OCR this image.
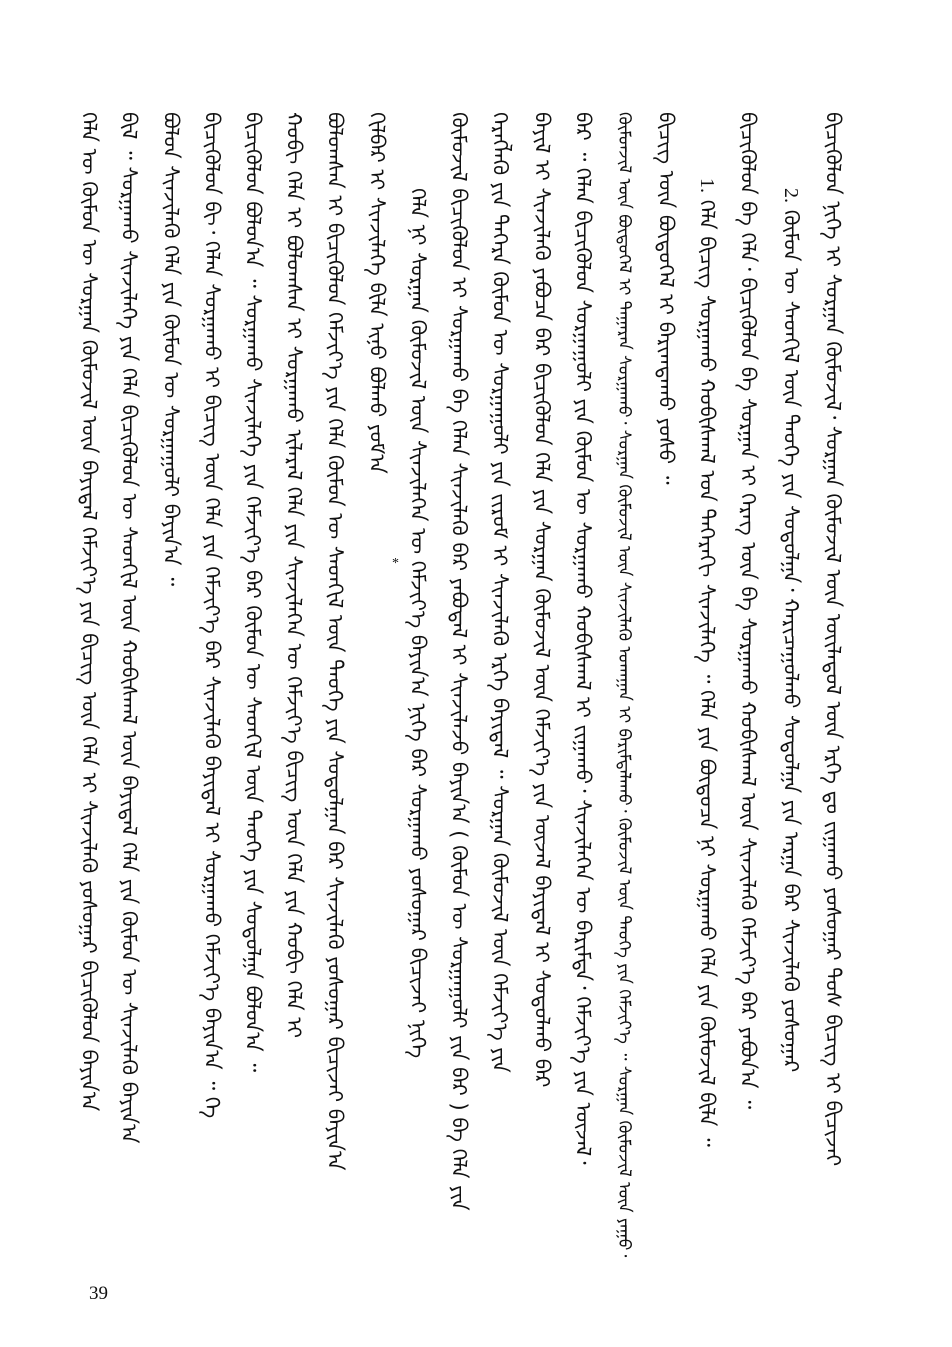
ᠪᠢᠴᠢᠭᠦᠯᠦᠨ ᠨᠢᠭᠡ ᠢ ᠰᠤᠷᠭᠠᠨ ᠬᠦᠮᠦᠵᠢᠯ᠂ ᠰᠤᠷᠭᠠᠨ ᠬᠦᠮᠦᠵᠢᠯ ᠦᠨ ᠦᠢᠯᠡᠳᠦᠯ ᠦᠨ ᠡᠷᠬᠡ ᠳᠤ ᠵᠢᠭᠠᠬᠤ ᠶᠤᠰᠤᠭᠠᠷ ᠲᠤᠰ ᠪᠢᠴᠢᠭ ᠢ ᠪᠢᠴᠢᠵᠡᠢ
2. ᠬᠦᠮᠦᠨ ᠦ ᠰᠡᠳᠬᠢᠯ ᠦᠨ ᠲᠡᠦᠬᠡ ᠶᠢᠨ ᠰᠤᠳᠤᠯᠭᠠ᠂ ᠬᠠᠷᠢᠴᠠᠭᠤᠯᠬᠤ ᠰᠤᠳᠤᠯᠭᠠ ᠶᠢᠨ ᠠᠷᠭᠠ ᠪᠠᠷ ᠰᠢᠨᠵᠢᠯᠡᠬᠦ ᠶᠤᠰᠤᠭᠠᠷ
ᠪᠢᠴᠢᠭᠦᠯᠦᠨ ᠪᠠ ᠬᠡᠯᠡ᠂ ᠪᠢᠴᠢᠭᠦᠯᠦᠨ ᠪᠠ ᠰᠤᠷᠭᠠᠨ ᠢ ᠬᠡᠷᠡᠭ ᠦᠨ ᠪᠠ ᠰᠤᠷᠭᠠᠬᠤ ᠬᠤᠪᠢᠰᠬᠠᠯ ᠦᠨ ᠰᠢᠨᠵᠢᠯᠡᠬᠦ ᠬᠡᠮᠵᠢᠶ᠎ᠡ ᠪᠡᠷ ᠶᠠᠪᠤᠨ᠎ᠠ ᠃
1. ᠬᠡᠯᠡ ᠪᠢᠴᠢᠭ ᠰᠤᠷᠭᠠᠬᠤ ᠬᠤᠪᠢᠰᠬᠠᠯ ᠤᠨ ᠳᠡᠭᠡᠷᠡᠬᠢ ᠰᠢᠨᠵᠢᠯᠡᠭᠡ ᠃ ᠬᠡᠯᠡ ᠶᠢᠨ ᠪᠦᠲᠦᠴᠡ ᠨᠢ ᠰᠤᠷᠭᠠᠬᠤ ᠬᠡᠯᠡ ᠶᠢᠨ ᠬᠦᠮᠦᠵᠢᠯ ᠪᠢᠯᠡ ᠃
ᠪᠢᠴᠢᠭ ᠦᠨ ᠪᠦᠲᠦᠭᠡᠯ ᠢ ᠪᠠᠷᠢᠭᠳᠠᠬᠤ ᠶᠤᠰᠤ ᠃
ᠬᠦᠮᠦᠨᠵᠢᠯ ᠦᠨ ᠪᠦᠲᠦᠭᠡᠯ ᠢ ᠳᠠᠭᠠᠷᠠᠨ ᠰᠤᠷᠭᠠᠬᠤ᠂ ᠰᠤᠷᠭᠠᠨ ᠬᠦᠮᠦᠵᠢᠯ ᠦᠨ ᠰᠢᠨᠵᠢᠯᠡᠬᠦ ᠤᠬᠠᠭᠠᠨ ᠢ ᠪᠠᠷᠢᠮᠲᠠᠯᠠᠬᠤ᠂ ᠬᠦᠮᠦᠵᠢᠯ ᠦᠨ ᠲᠡᠦᠬᠡ ᠶᠢᠨ ᠬᠡᠮᠵᠢᠶ᠎ᠡ ᠃ ᠰᠤᠷᠭᠠᠨ ᠬᠦᠮᠦᠵᠢᠯ ᠦᠨ ᠶᠠᠭᠤ᠂
ᠪᠡᠷ ᠃ ᠬᠡᠯᠡᠨ ᠪᠢᠴᠢᠭᠦᠯᠦᠨ ᠰᠤᠷᠭᠠᠭᠤᠯᠢ ᠶᠢᠨ ᠬᠦᠮᠦᠨ ᠦ ᠰᠤᠷᠭᠠᠬᠤ ᠬᠤᠪᠢᠰᠬᠠᠯ ᠢ ᠵᠢᠭᠠᠬᠤ᠂ ᠰᠢᠨᠵᠢᠯᠡᠭᠡᠨ ᠦ ᠪᠠᠷᠢᠮᠲᠠ᠂ ᠬᠡᠮᠵᠢᠶ᠎ᠡ ᠶᠢᠨ ᠦᠵᠡᠯ᠂
ᠪᠠᠶᠢᠯ ᠢ ᠰᠢᠨᠵᠢᠯᠡᠬᠦ ᠶᠠᠪᠤᠴᠠ ᠪᠠᠷ ᠪᠢᠴᠢᠭᠦᠯᠦᠨ ᠬᠡᠯᠡ ᠶᠢᠨ ᠰᠤᠷᠭᠠᠨ ᠬᠦᠮᠦᠵᠢᠯ ᠦᠨ ᠬᠡᠮᠵᠢᠶ᠎ᠡ ᠶᠢᠨ ᠦᠵᠡᠯ ᠪᠠᠶᠢᠳᠠᠯ ᠢ ᠰᠤᠳᠤᠯᠬᠤ ᠪᠠᠷ
ᠬᠡᠷᠡᠭᠯᠡᠬᠦ ᠶᠢᠨ ᠳᠡᠭᠡᠷᠡ ᠬᠦᠮᠦᠨ ᠦ ᠰᠤᠷᠭᠠᠭᠤᠯᠢ ᠶᠢᠨ ᠵᠢᠷᠤᠮ ᠢ ᠰᠢᠨᠵᠢᠯᠡᠬᠦ ᠡᠷᠬᠡ ᠪᠠᠶᠢᠳᠠᠯ ᠃ ᠰᠤᠷᠭᠠᠨ ᠬᠦᠮᠦᠵᠢᠯ ᠦᠨ ᠬᠡᠮᠵᠢᠶ᠎ᠡ ᠶᠢᠨ
ᠬᠦᠮᠦᠵᠢᠯ ᠪᠢᠴᠢᠭᠦᠯᠦᠨ ᠢ ᠰᠤᠷᠭᠠᠬᠤ ᠪᠠ ᠬᠡᠯᠡᠨ ᠰᠢᠨᠵᠢᠯᠡᠬᠦ ᠪᠠᠷ ᠶᠠᠪᠤᠳᠠᠯ ᠢ ᠰᠢᠨᠵᠢᠯᠡᠵᠦ ᠪᠠᠶᠢᠨ᠎ᠠ ( ᠬᠦᠮᠦᠨ ᠦ ᠰᠤᠷᠭᠠᠭᠤᠯᠢ ᠶᠢᠨ ᠪᠠᠷ ) ᠪᠠ ᠬᠡᠯᠡ ᠶᠢᠨ
ᠬᠡᠯᠡ ᠨᠢ ᠰᠤᠷᠭᠠᠨ ᠬᠦᠮᠦᠵᠢᠯ ᠦᠨ ᠰᠢᠨᠵᠢᠯᠡᠭᠡᠨ ᠦ ᠬᠡᠮᠵᠢᠶ᠎ᠡ ᠪᠠᠶᠢᠨ᠎ᠠ ᠨᠢᠭᠡ ᠪᠡᠷ ᠰᠤᠷᠭᠠᠬᠤ ᠶᠤᠰᠤᠭᠠᠷ ᠪᠢᠴᠢᠵᠡᠢ ᠨᠢᠭᠡ
ᠬᠢᠯᠪᠠᠷ ᠢ ᠰᠢᠨᠵᠢᠯᠡᠭᠡ ᠪᠢᠯᠡ ᠢᠨᠦ ᠪᠣᠯᠬᠤ ᠶᠤᠮ᠎ᠠ
*
ᠪᠣᠯᠤᠭᠰᠠᠨ ᠢ ᠪᠢᠴᠢᠭᠦᠯᠦᠨ ᠬᠡᠮᠵᠢᠶ᠎ᠡ ᠶᠢᠨ ᠬᠡᠯᠡ ᠬᠦᠮᠦᠨ ᠦ ᠰᠡᠳᠬᠢᠯ ᠦᠨ ᠲᠡᠦᠬᠡ ᠶᠢᠨ ᠰᠤᠳᠤᠯᠭᠠᠨ ᠪᠡᠷ ᠰᠢᠨᠵᠢᠯᠡᠬᠦ ᠶᠤᠰᠤᠭᠠᠷ ᠪᠢᠴᠢᠵᠡᠢ ᠪᠠᠶᠢᠨ᠎ᠠ
ᠬᠤᠪᠢ ᠬᠡᠯᠡ ᠢ ᠪᠣᠯᠤᠭᠰᠠᠨ ᠢ ᠰᠤᠷᠭᠠᠬᠤ ᠢᠯᠡᠷᠡᠯ ᠬᠡᠯᠡ ᠶᠢᠨ ᠰᠢᠨᠵᠢᠯᠡᠭᠡᠨ ᠦ ᠬᠡᠮᠵᠢᠶ᠎ᠡ ᠪᠢᠴᠢᠭ ᠦᠨ ᠬᠡᠯᠡ ᠶᠢᠨ ᠬᠤᠪᠢ ᠬᠡᠯᠡ ᠢ
ᠪᠢᠴᠢᠭᠦᠯᠦᠨ ᠪᠣᠯᠤᠨ᠎ᠠ ᠃ ᠰᠤᠷᠭᠠᠬᠤ ᠰᠢᠨᠵᠢᠯᠡᠭᠡ ᠶᠢᠨ ᠬᠡᠮᠵᠢᠶ᠎ᠡ ᠪᠡᠷ ᠬᠦᠮᠦᠨ ᠦ ᠰᠡᠳᠬᠢᠯ ᠦᠨ ᠲᠡᠦᠬᠡ ᠶᠢᠨ ᠰᠤᠳᠤᠯᠭᠠ ᠪᠣᠯᠤᠨ᠎ᠠ ᠃
ᠪᠢᠴᠢᠭᠦᠯᠦᠨ ᠪᠢ᠂ ᠬᠡᠯᠡᠨ ᠰᠤᠷᠭᠠᠬᠤ ᠢ ᠪᠢᠴᠢᠭ ᠦᠨ ᠬᠡᠯᠡ ᠶᠢᠨ ᠬᠡᠮᠵᠢᠶ᠎ᠡ ᠪᠠᠷ ᠰᠢᠨᠵᠢᠯᠡᠬᠦ ᠪᠠᠶᠢᠳᠠᠯ ᠢ ᠰᠤᠷᠭᠠᠬᠤ ᠬᠡᠮᠵᠢᠶ᠎ᠡ ᠪᠠᠶᠢᠨ᠎ᠠ ᠃ ᠬᠡ
ᠪᠣᠯᠤᠨ ᠰᠢᠨᠵᠢᠯᠡᠬᠦ ᠬᠡᠯᠡ ᠶᠢᠨ ᠬᠦᠮᠦᠨ ᠦ ᠰᠤᠷᠭᠠᠭᠤᠯᠢ ᠪᠠᠶᠢᠨ᠎ᠠ ᠃
ᠪᠢᠯ ᠃ ᠰᠤᠷᠭᠠᠬᠤ ᠰᠢᠨᠵᠢᠯᠡᠭᠡ ᠶᠢᠨ ᠬᠡᠯᠡ ᠪᠢᠴᠢᠭᠦᠯᠦᠨ ᠦ ᠰᠡᠳᠬᠢᠯ ᠦᠨ ᠬᠤᠪᠢᠰᠬᠠᠯ ᠦᠨ ᠪᠠᠶᠢᠳᠠᠯ ᠬᠡᠯᠡ ᠶᠢᠨ ᠬᠦᠮᠦᠨ ᠦ ᠰᠢᠨᠵᠢᠯᠡᠬᠦ ᠪᠠᠶᠢᠨ᠎ᠠ
ᠬᠡᠯᠡ ᠦ ᠬᠦᠮᠦᠨ ᠦ ᠰᠤᠷᠭᠠᠨ ᠬᠦᠮᠦᠵᠢᠯ ᠦᠨ ᠪᠠᠶᠢᠳᠠᠯ ᠬᠡᠮᠵᠢᠶ᠎ᠡ ᠶᠢᠨ ᠪᠢᠴᠢᠭ ᠦᠨ ᠬᠡᠯᠡ ᠢ ᠰᠢᠨᠵᠢᠯᠡᠬᠦ ᠶᠤᠰᠤᠭᠠᠷ ᠪᠢᠴᠢᠭᠦᠯᠦᠨ ᠪᠠᠶᠢᠨ᠎ᠠ
39
